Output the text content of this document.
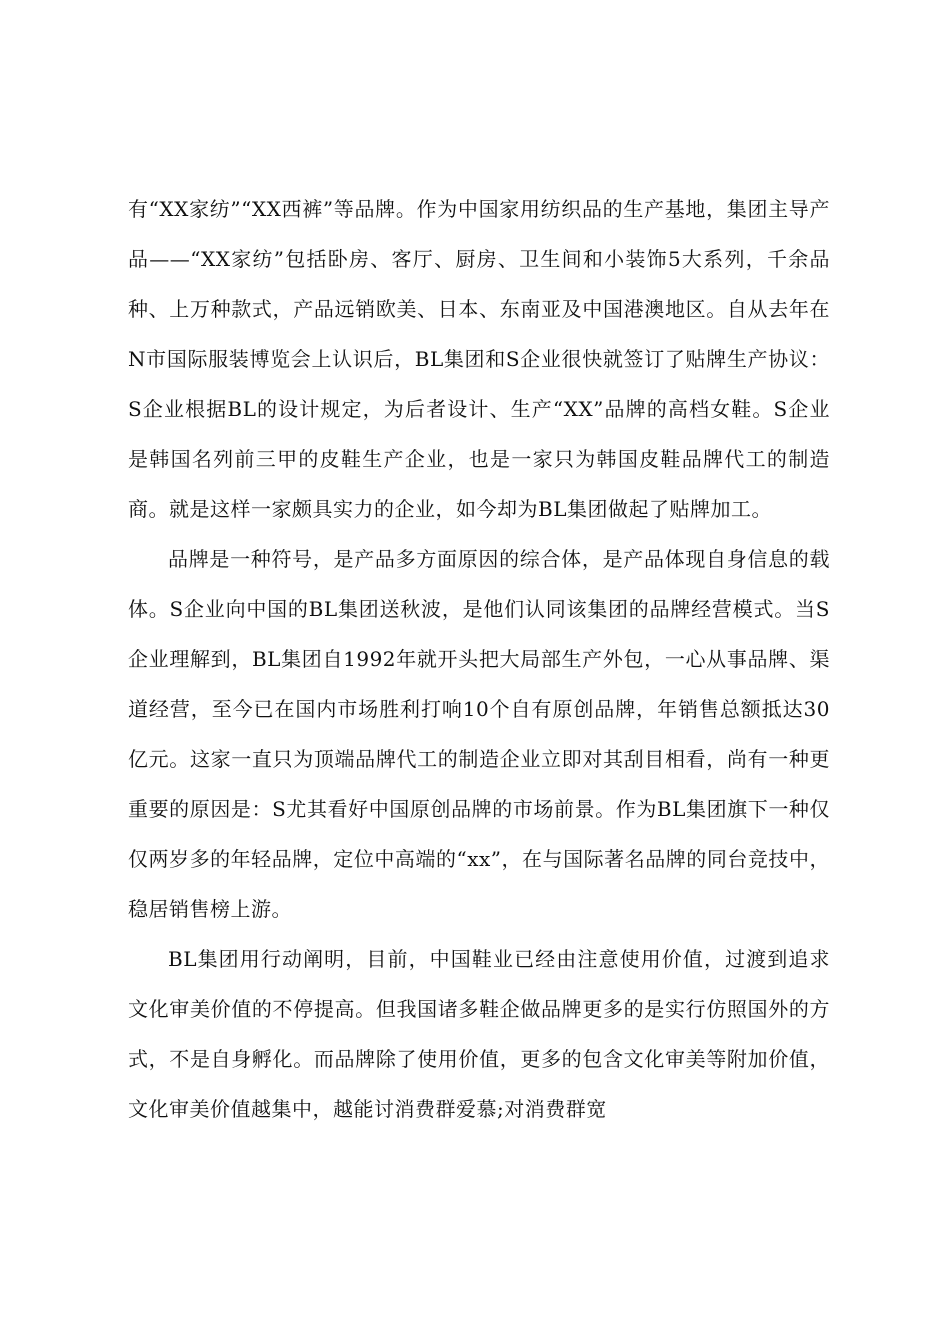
有“XX家纺”“XX西裤”等品牌。作为中国家用纺织品的生产基地，集团主导产品——“XX家纺”包括卧房、客厅、厨房、卫生间和小装饰5大系列，千余品种、上万种款式，产品远销欧美、日本、东南亚及中国港澳地区。自从去年在N市国际服装博览会上认识后，BL集团和S企业很快就签订了贴牌生产协议：S企业根据BL的设计规定，为后者设计、生产“XX”品牌的高档女鞋。S企业是韩国名列前三甲的皮鞋生产企业，也是一家只为韩国皮鞋品牌代工的制造商。就是这样一家颇具实力的企业，如今却为BL集团做起了贴牌加工。

品牌是一种符号，是产品多方面原因的综合体，是产品体现自身信息的载体。S企业向中国的BL集团送秋波，是他们认同该集团的品牌经营模式。当S企业理解到，BL集团自1992年就开头把大局部生产外包，一心从事品牌、渠道经营，至今已在国内市场胜利打响10个自有原创品牌，年销售总额抵达30亿元。这家一直只为顶端品牌代工的制造企业立即对其刮目相看，尚有一种更重要的原因是：S尤其看好中国原创品牌的市场前景。作为BL集团旗下一种仅仅两岁多的年轻品牌，定位中高端的“xx”，在与国际著名品牌的同台竞技中，稳居销售榜上游。

BL集团用行动阐明，目前，中国鞋业已经由注意使用价值，过渡到追求文化审美价值的不停提高。但我国诸多鞋企做品牌更多的是实行仿照国外的方式，不是自身孵化。而品牌除了使用价值，更多的包含文化审美等附加价值，文化审美价值越集中，越能讨消费群爱慕;对消费群宽
